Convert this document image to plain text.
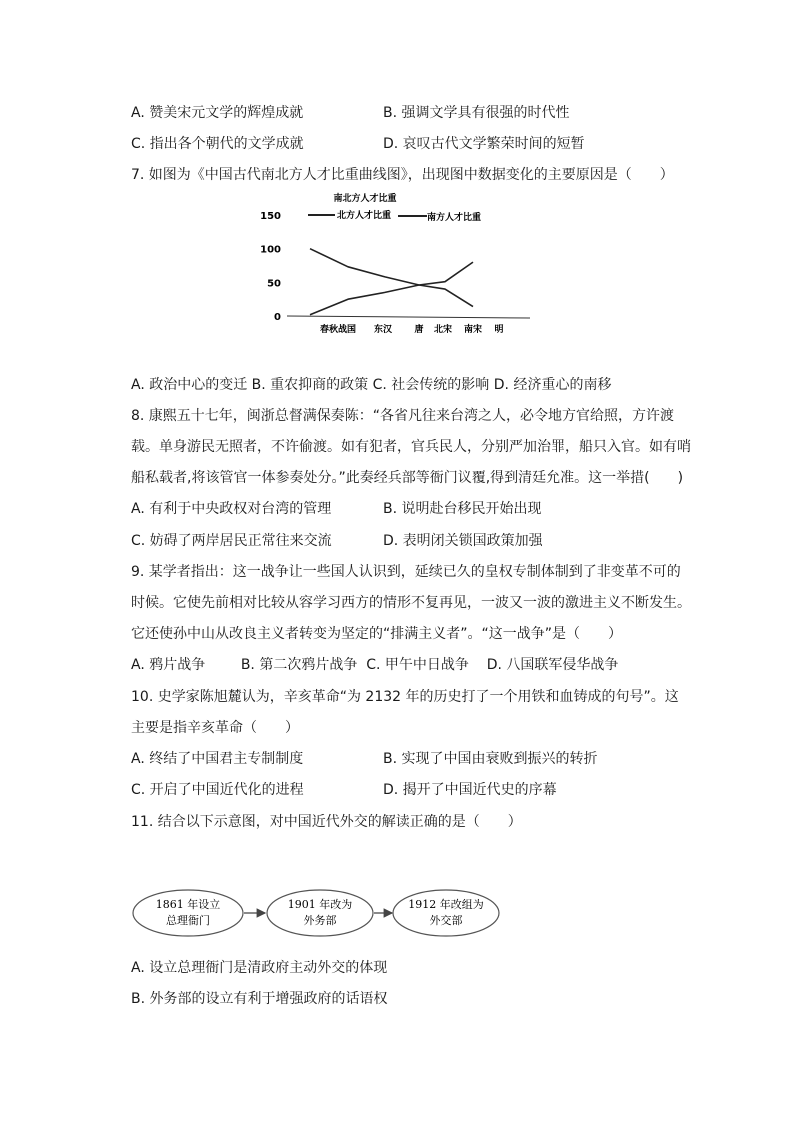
A. 赞美宋元文学的辉煌成就	B. 强调文学具有很强的时代性
C. 指出各个朝代的文学成就	D. 哀叹古代文学繁荣时间的短暂
7. 如图为《中国古代南北方人才比重曲线图》，出现图中数据变化的主要原因是（　　）
南北方人才比重
0
50
100
150	北方人才比重	南方人才比重
春秋战国 东汉 唐 北宋 南宋 明
A. 政治中心的变迁 B. 重农抑商的政策 C. 社会传统的影响 D. 经济重心的南移
8. 康熙五十七年，闽浙总督满保奏陈：“各省凡往来台湾之人，必令地方官给照，方许渡
载。单身游民无照者，不许偷渡。如有犯者，官兵民人，分别严加治罪，船只入官。如有哨
船私载者,将该管官一体参奏处分。”此奏经兵部等衙门议覆,得到清廷允准。这一举措(　　)
A. 有利于中央政权对台湾的管理	B. 说明赴台移民开始出现
C. 妨碍了两岸居民正常往来交流	D. 表明闭关锁国政策加强
9. 某学者指出：这一战争让一些国人认识到，延续已久的皇权专制体制到了非变革不可的
时候。它使先前相对比较从容学习西方的情形不复再见，一波又一波的激进主义不断发生。
它还使孙中山从改良主义者转变为坚定的“排满主义者”。“这一战争”是（　　）
A. 鸦片战争        B. 第二次鸦片战争  C. 甲午中日战争    D. 八国联军侵华战争
10. 史学家陈旭麓认为，辛亥革命“为 2132 年的历史打了一个用铁和血铸成的句号”。这
主要是指辛亥革命（　　）
A. 终结了中国君主专制制度	B. 实现了中国由衰败到振兴的转折
C. 开启了中国近代化的进程	D. 揭开了中国近代史的序幕
11. 结合以下示意图，对中国近代外交的解读正确的是（　　）
1861 年设立
总理衙门
1901 年改为
外务部
1912 年改组为
外交部
A. 设立总理衙门是清政府主动外交的体现
B. 外务部的设立有利于增强政府的话语权
